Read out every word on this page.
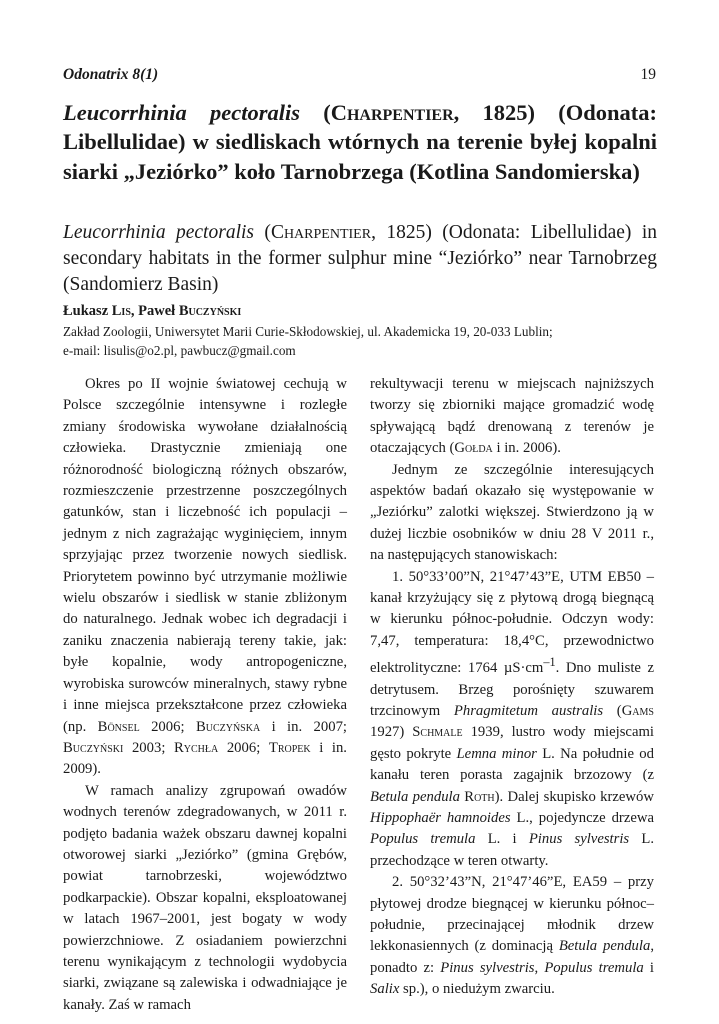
Odonatrix 8(1)	19
Leucorrhinia pectoralis (Charpentier, 1825) (Odonata: Libellulidae) w siedliskach wtórnych na terenie byłej kopalni siarki „Jeziórko” koło Tarnobrzega (Kotlina Sandomierska)
Leucorrhinia pectoralis (Charpentier, 1825) (Odonata: Libellulidae) in secondary habitats in the former sulphur mine “Jeziórko” near Tarnobrzeg (Sandomierz Basin)
Łukasz Lis, Paweł Buczyński
Zakład Zoologii, Uniwersytet Marii Curie-Skłodowskiej, ul. Akademicka 19, 20-033 Lublin;
e-mail: lisulis@o2.pl, pawbucz@gmail.com

Okres po II wojnie światowej cechują w Polsce szczególnie intensywne i rozległe zmiany środowiska wywołane działalnością człowieka. Drastycznie zmieniają one różnorodność biologiczną różnych obszarów, rozmieszczenie przestrzenne poszczególnych gatunków, stan i liczebność ich populacji – jednym z nich zagrażając wyginięciem, innym sprzyjając przez tworzenie nowych siedlisk. Priorytetem powinno być utrzymanie możliwie wielu obszarów i siedlisk w stanie zbliżonym do naturalnego. Jednak wobec ich degradacji i zaniku znaczenia nabierają tereny takie, jak: byłe kopalnie, wody antropogeniczne, wyrobiska surowców mineralnych, stawy rybne i inne miejsca przekształcone przez człowieka (np. Bönsel 2006; Buczyńska i in. 2007; Buczyński 2003; Rychła 2006; Tropek i in. 2009).

W ramach analizy zgrupowań owadów wodnych terenów zdegradowanych, w 2011 r. podjęto badania ważek obszaru dawnej kopalni otworowej siarki „Jeziórko” (gmina Grębów, powiat tarnobrzeski, województwo podkarpackie). Obszar kopalni, eksploatowanej w latach 1967–2001, jest bogaty w wody powierzchniowe. Z osiadaniem powierzchni terenu wynikającym z technologii wydobycia siarki, związane są zalewiska i odwadniające je kanały. Zaś w ramach

rekultywacji terenu w miejscach najniższych tworzy się zbiorniki mające gromadzić wodę spływającą bądź drenowaną z terenów je otaczających (Gołda i in. 2006).

Jednym ze szczególnie interesujących aspektów badań okazało się występowanie w „Jeziórku” zalotki większej. Stwierdzono ją w dużej liczbie osobników w dniu 28 V 2011 r., na następujących stanowiskach:

1. 50°33’00”N, 21°47’43”E, UTM EB50 – kanał krzyżujący się z płytową drogą biegnącą w kierunku północ-południe. Odczyn wody: 7,47, temperatura: 18,4°C, przewodnictwo elektrolityczne: 1764 $\mu S\cdot cm^{-1}$. Dno muliste z detrytusem. Brzeg porośnięty szuwarem trzcinowym Phragmitetum australis (Gams 1927) Schmale 1939, lustro wody miejscami gęsto pokryte Lemna minor L. Na południe od kanału teren porasta zagajnik brzozowy (z Betula pendula Roth). Dalej skupisko krzewów Hippophaër hamnoides L., pojedyncze drzewa Populus tremula L. i Pinus sylvestris L. przechodzące w teren otwarty.

2. 50°32’43”N, 21°47’46”E, EA59 – przy płytowej drodze biegnącej w kierunku północ–południe, przecinającej młodnik drzew lekkonasiennych (z dominacją Betula pendula, ponadto z: Pinus sylvestris, Populus tremula i Salix sp.), o niedużym zwarciu.
